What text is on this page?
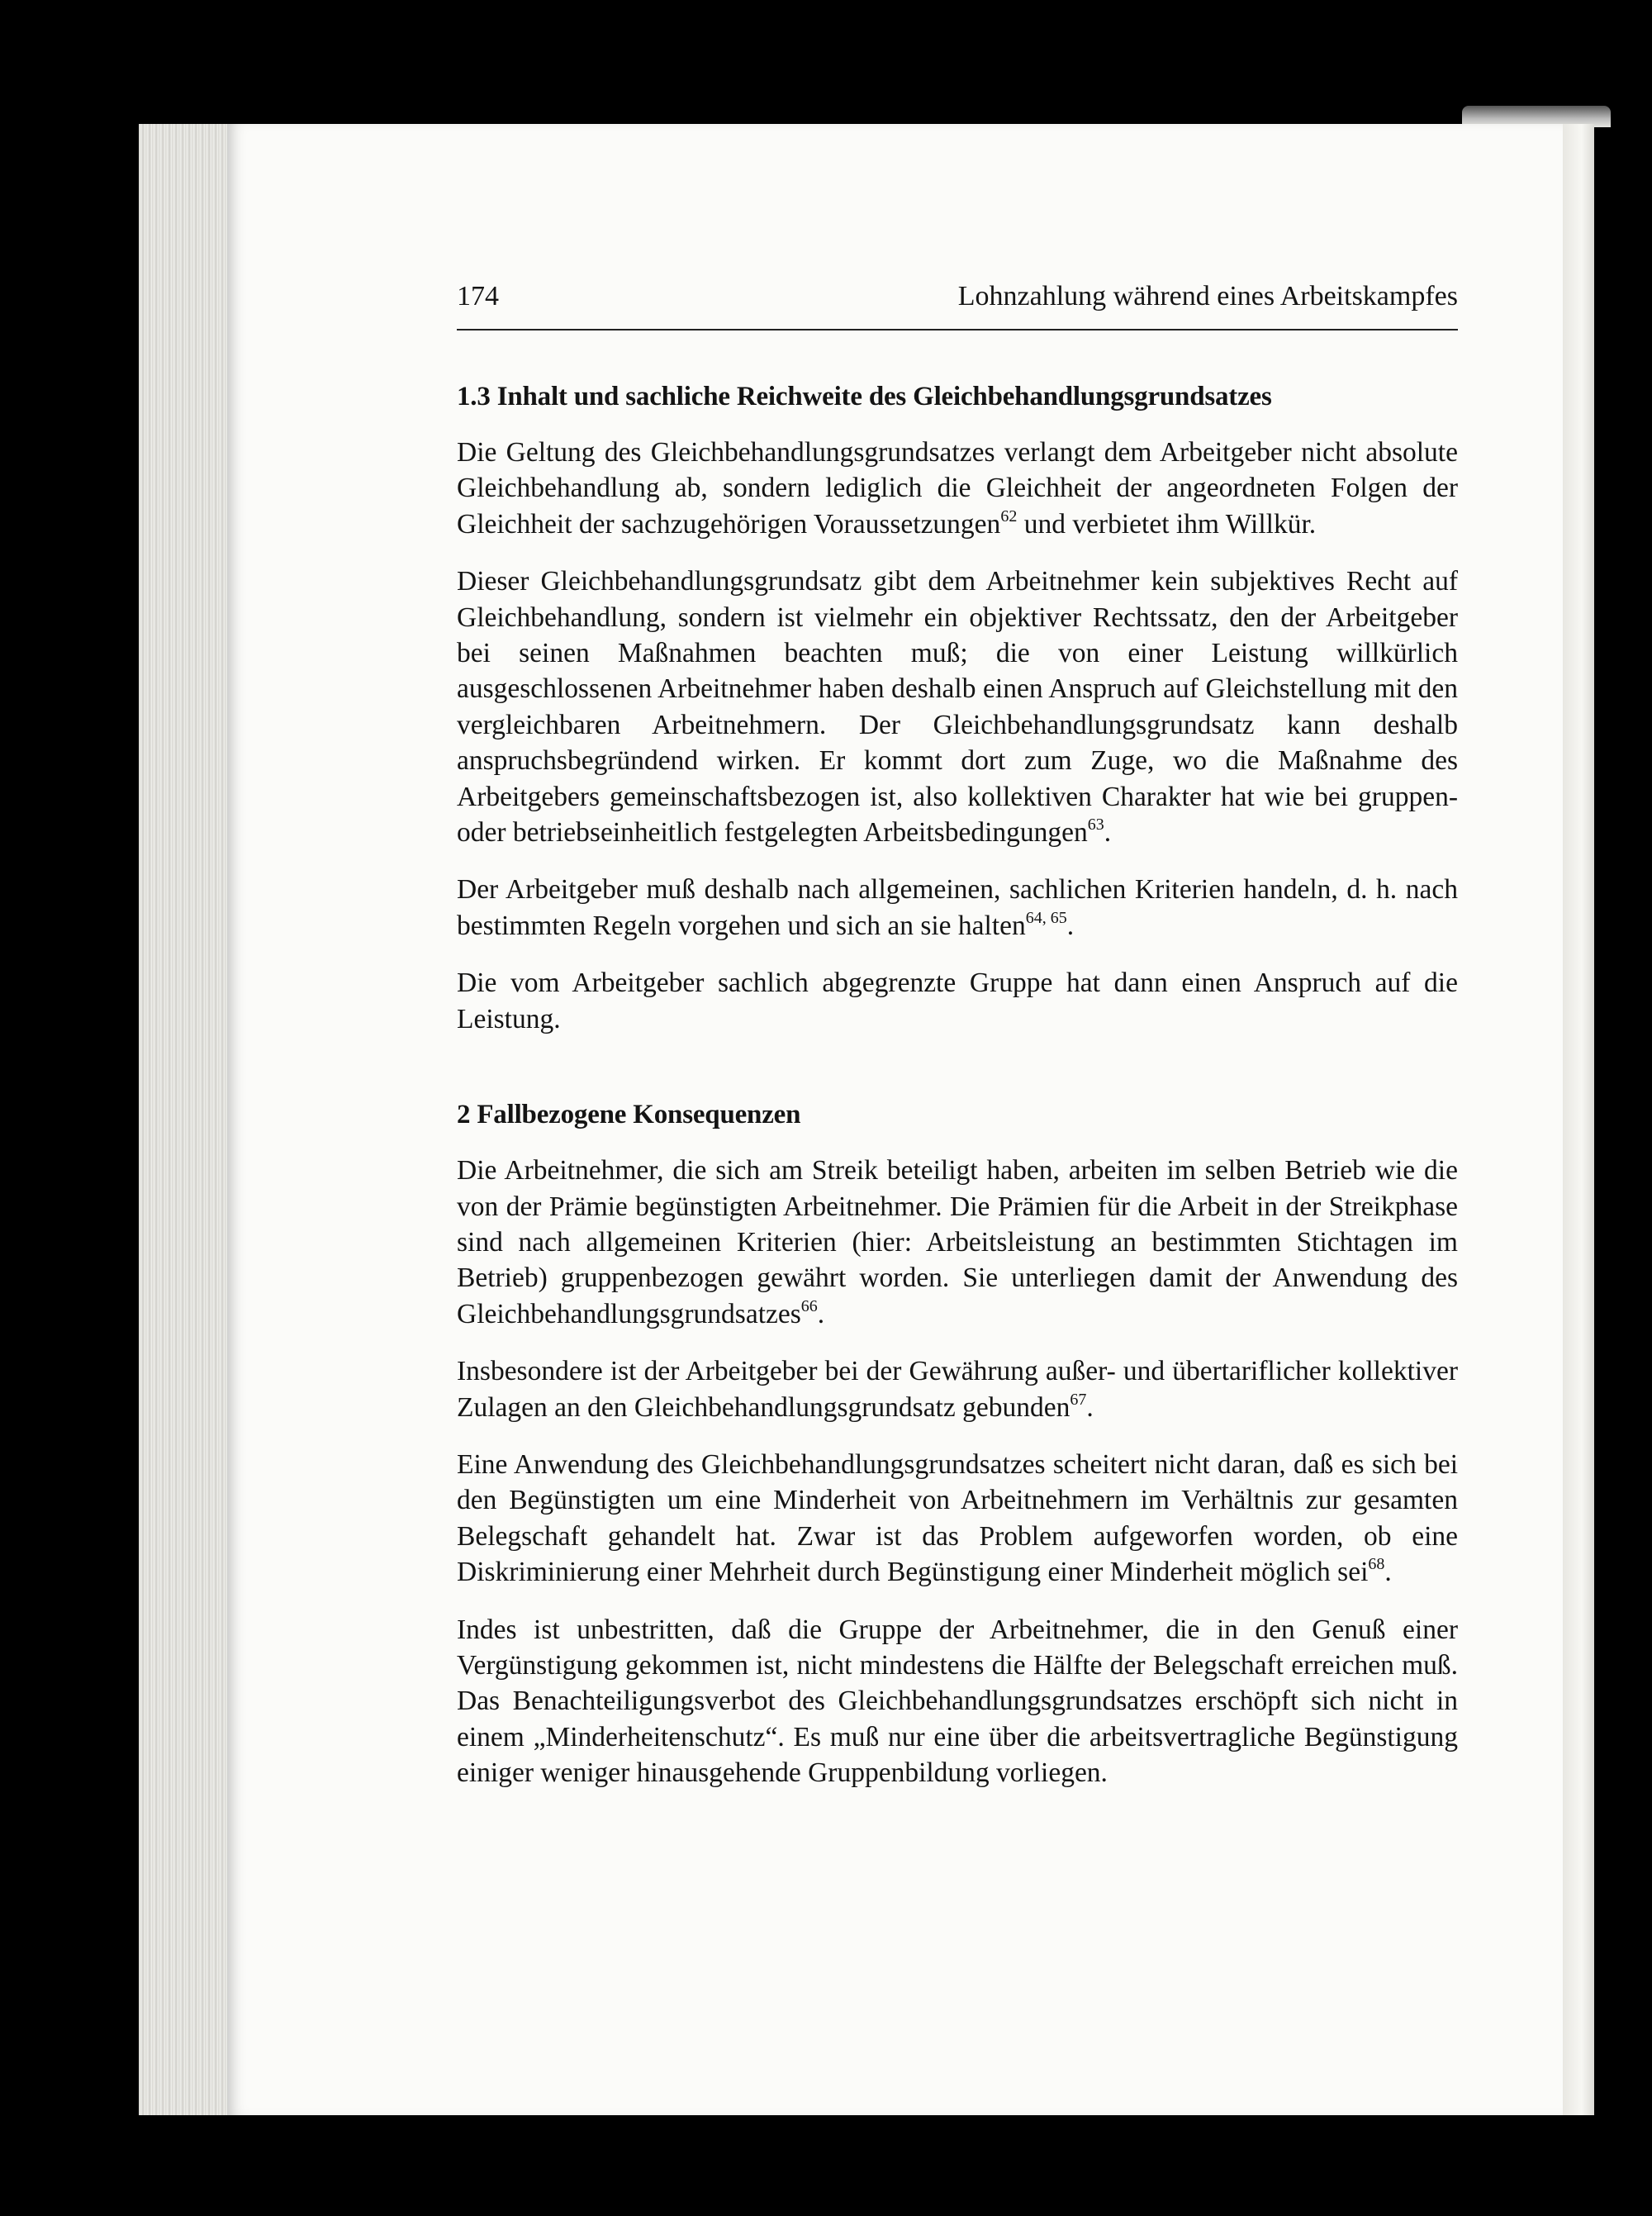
174	Lohnzahlung während eines Arbeitskampfes
1.3 Inhalt und sachliche Reichweite des Gleichbehandlungsgrundsatzes

Die Geltung des Gleichbehandlungsgrundsatzes verlangt dem Arbeitgeber nicht absolute Gleichbehandlung ab, sondern lediglich die Gleichheit der angeordneten Folgen der Gleichheit der sachzugehörigen Voraussetzungen$^{62}$ und verbietet ihm Willkür.

Dieser Gleichbehandlungsgrundsatz gibt dem Arbeitnehmer kein subjektives Recht auf Gleichbehandlung, sondern ist vielmehr ein objektiver Rechtssatz, den der Arbeitgeber bei seinen Maßnahmen beachten muß; die von einer Leistung willkürlich ausgeschlossenen Arbeitnehmer haben deshalb einen Anspruch auf Gleichstellung mit den vergleichbaren Arbeitnehmern. Der Gleichbehandlungsgrundsatz kann deshalb anspruchsbegründend wirken. Er kommt dort zum Zuge, wo die Maßnahme des Arbeitgebers gemeinschaftsbezogen ist, also kollektiven Charakter hat wie bei gruppen- oder betriebseinheitlich festgelegten Arbeitsbedingungen$^{63}$.

Der Arbeitgeber muß deshalb nach allgemeinen, sachlichen Kriterien handeln, d. h. nach bestimmten Regeln vorgehen und sich an sie halten$^{64, 65}$.

Die vom Arbeitgeber sachlich abgegrenzte Gruppe hat dann einen Anspruch auf die Leistung.

2 Fallbezogene Konsequenzen

Die Arbeitnehmer, die sich am Streik beteiligt haben, arbeiten im selben Betrieb wie die von der Prämie begünstigten Arbeitnehmer. Die Prämien für die Arbeit in der Streikphase sind nach allgemeinen Kriterien (hier: Arbeitsleistung an bestimmten Stichtagen im Betrieb) gruppenbezogen gewährt worden. Sie unterliegen damit der Anwendung des Gleichbehandlungsgrundsatzes$^{66}$.

Insbesondere ist der Arbeitgeber bei der Gewährung außer- und übertariflicher kollektiver Zulagen an den Gleichbehandlungsgrundsatz gebunden$^{67}$.

Eine Anwendung des Gleichbehandlungsgrundsatzes scheitert nicht daran, daß es sich bei den Begünstigten um eine Minderheit von Arbeitnehmern im Verhältnis zur gesamten Belegschaft gehandelt hat. Zwar ist das Problem aufgeworfen worden, ob eine Diskriminierung einer Mehrheit durch Begünstigung einer Minderheit möglich sei$^{68}$.

Indes ist unbestritten, daß die Gruppe der Arbeitnehmer, die in den Genuß einer Vergünstigung gekommen ist, nicht mindestens die Hälfte der Belegschaft erreichen muß. Das Benachteiligungsverbot des Gleichbehandlungsgrundsatzes erschöpft sich nicht in einem „Minderheitenschutz“. Es muß nur eine über die arbeitsvertragliche Begünstigung einiger weniger hinausgehende Gruppenbildung vorliegen.
